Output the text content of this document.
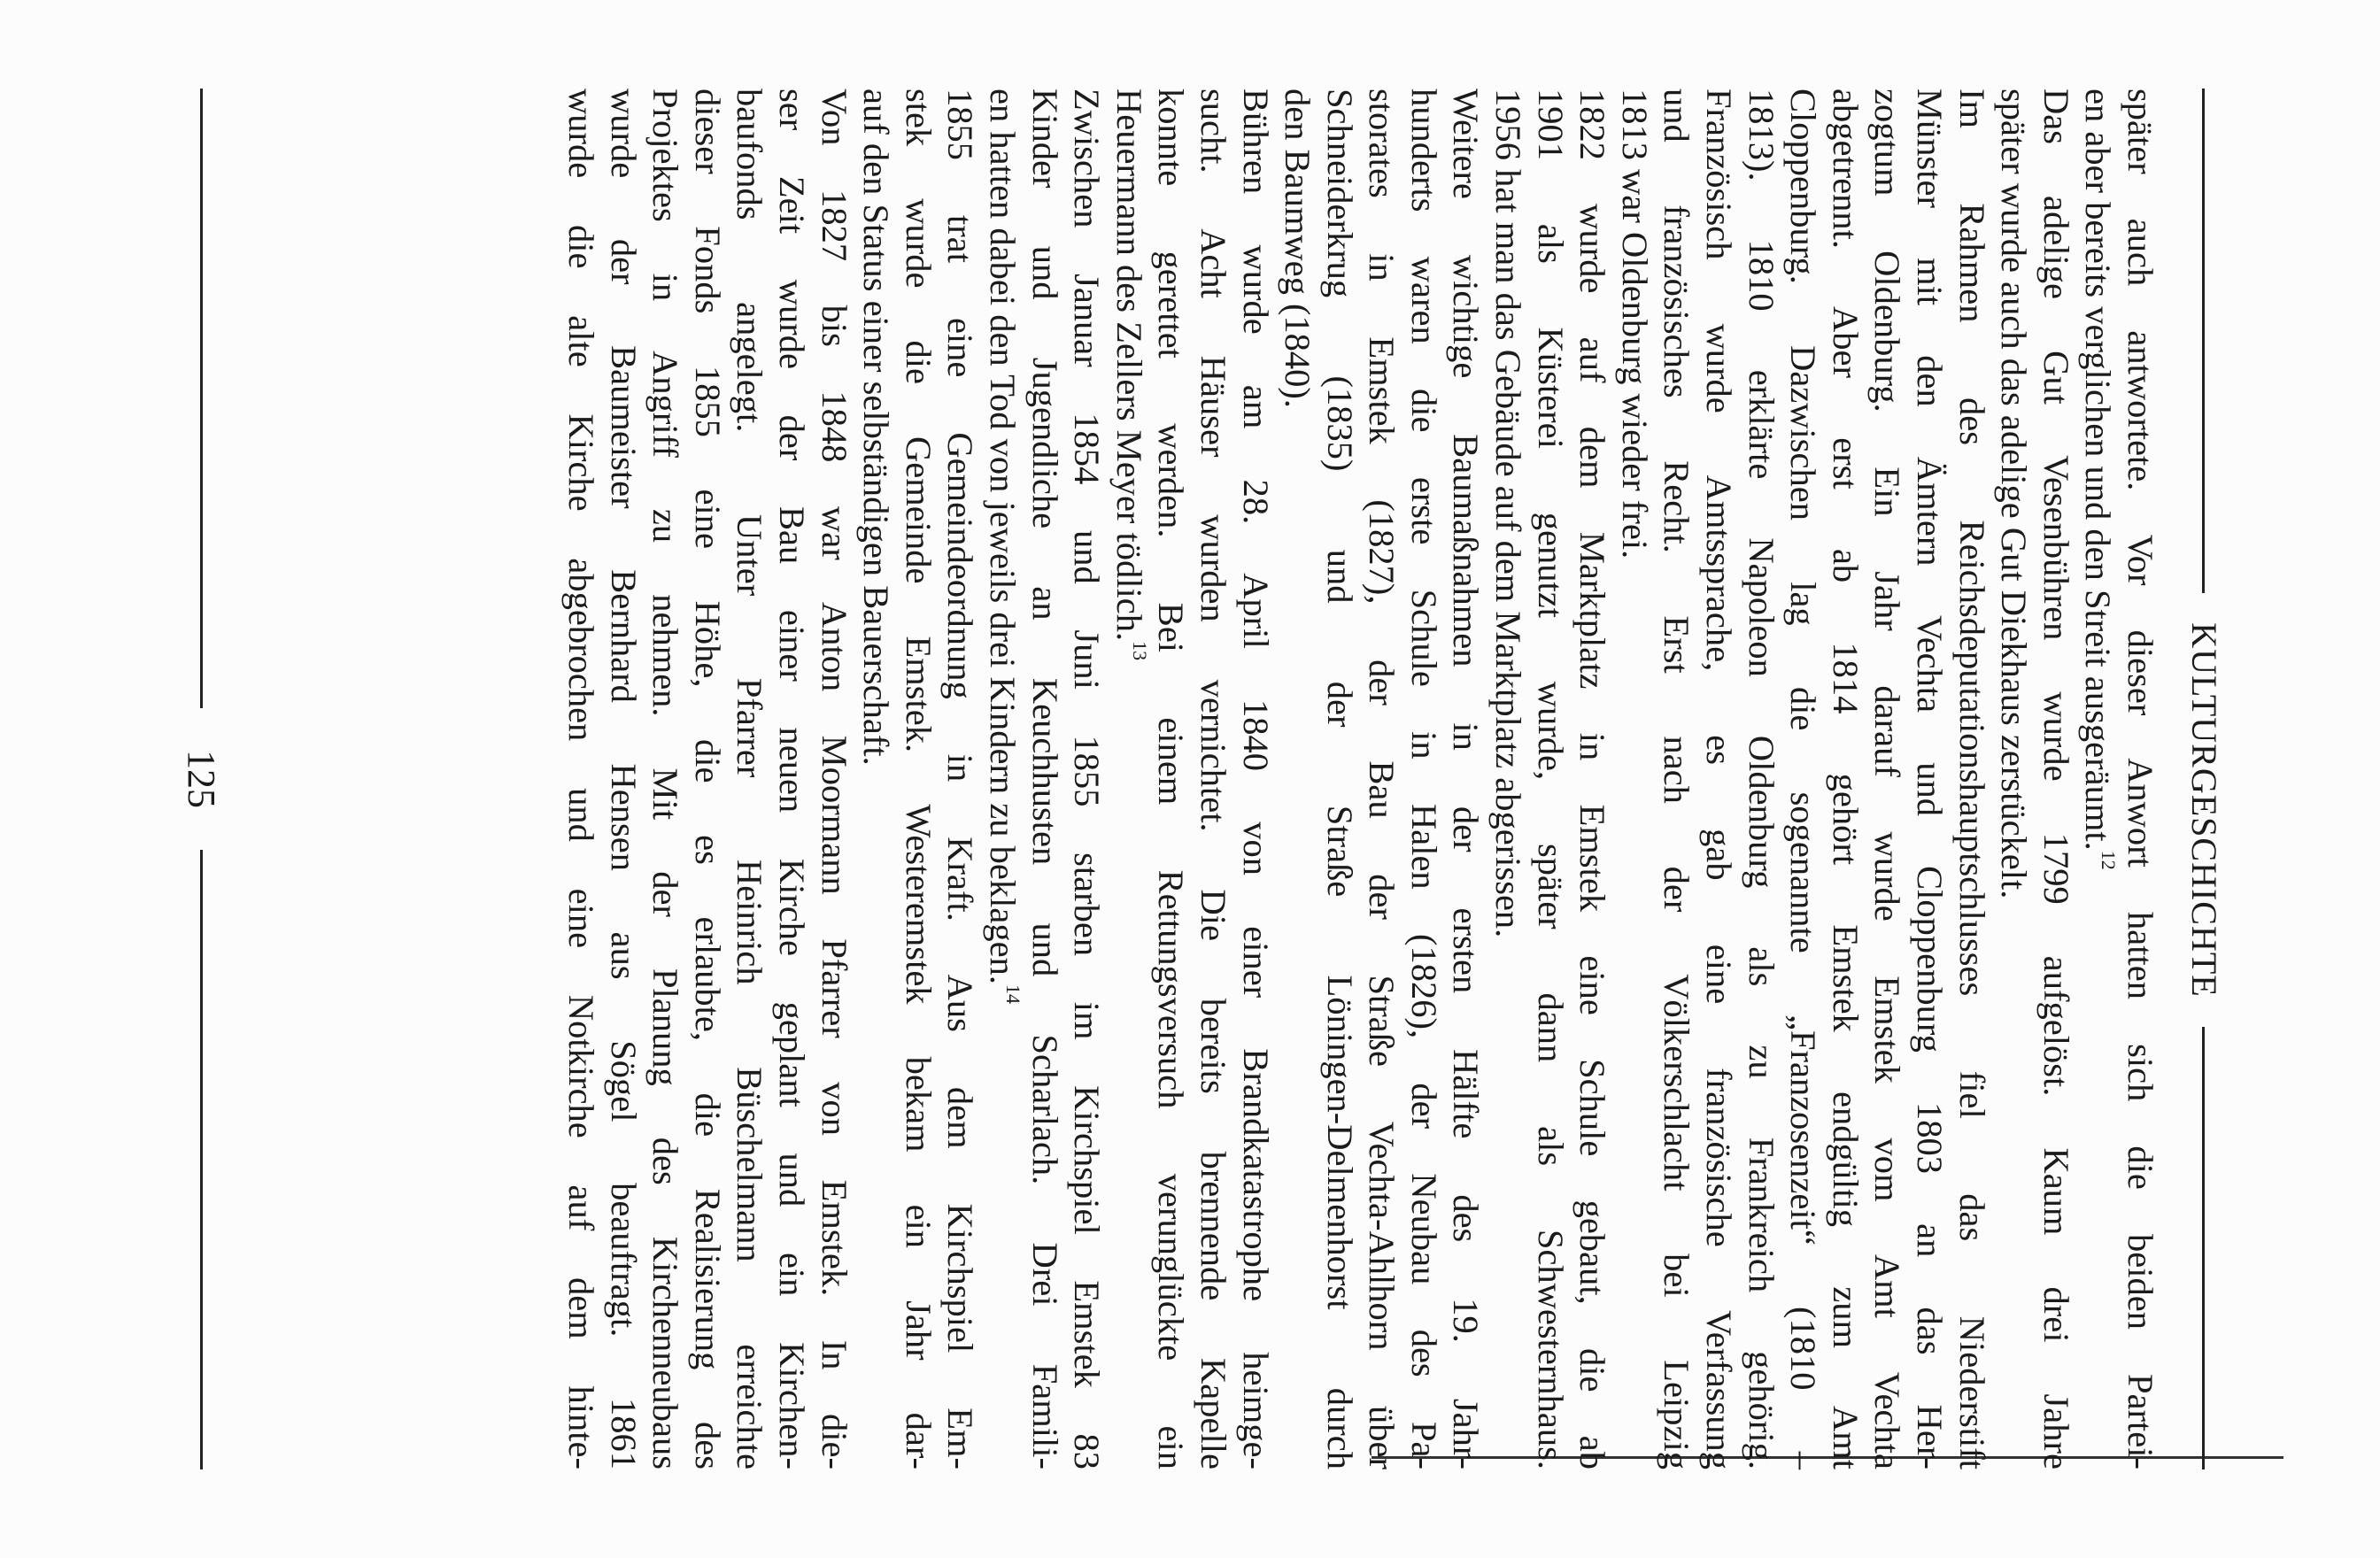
KULTURGESCHICHTE
später auch antwortete. Vor dieser Anwort hatten sich die beiden Partei-
en aber bereits verglichen und den Streit ausgeräumt.$^{12}$
Das adelige Gut Vesenbühren wurde 1799 aufgelöst. Kaum drei Jahre
später wurde auch das adelige Gut Diekhaus zerstückelt.
Im Rahmen des Reichsdeputationshauptschlusses fiel das Niederstift
Münster mit den Ämtern Vechta und Cloppenburg 1803 an das Her-
zogtum Oldenburg. Ein Jahr darauf wurde Emstek vom Amt Vechta
abgetrennt. Aber erst ab 1814 gehört Emstek endgültig zum Amt
Cloppenburg. Dazwischen lag die sogenannte „Franzosenzeit“ (1810 –
1813). 1810 erklärte Napoleon Oldenburg als zu Frankreich gehörig.
Französisch wurde Amtssprache, es gab eine französische Verfassung
und französisches Recht. Erst nach der Völkerschlacht bei Leipzig
1813 war Oldenburg wieder frei.
1822 wurde auf dem Marktplatz in Emstek eine Schule gebaut, die ab
1901 als Küsterei genutzt wurde, später dann als Schwesternhaus.
1956 hat man das Gebäude auf dem Marktplatz abgerissen.
Weitere wichtige Baumaßnahmen in der ersten Hälfte des 19. Jahr-
hunderts waren die erste Schule in Halen (1826), der Neubau des Pa-
storates in Emstek (1827), der Bau der Straße Vechta-Ahlhorn über
Schneiderkrug (1835) und der Straße Löningen-Delmenhorst durch
den Baumweg (1840).
Bühren wurde am 28. April 1840 von einer Brandkatastrophe heimge-
sucht. Acht Häuser wurden vernichtet. Die bereits brennende Kapelle
konnte gerettet werden. Bei einem Rettungsversuch verunglückte ein
Heuermann des Zellers Meyer tödlich.$^{13}$
Zwischen Januar 1854 und Juni 1855 starben im Kirchspiel Emstek 83
Kinder und Jugendliche an Keuchhusten und Scharlach. Drei Famili-
en hatten dabei den Tod von jeweils drei Kindern zu beklagen.$^{14}$
1855 trat eine Gemeindeordnung in Kraft. Aus dem Kirchspiel Em-
stek wurde die Gemeinde Emstek. Westeremstek bekam ein Jahr dar-
auf den Status einer selbständigen Bauerschaft.
Von 1827 bis 1848 war Anton Moormann Pfarrer von Emstek. In die-
ser Zeit wurde der Bau einer neuen Kirche geplant und ein Kirchen-
baufonds angelegt. Unter Pfarrer Heinrich Büschelmann erreichte
dieser Fonds 1855 eine Höhe, die es erlaubte, die Realisierung des
Projektes in Angriff zu nehmen. Mit der Planung des Kirchenneubaus
wurde der Baumeister Bernhard Hensen aus Sögel beauftragt. 1861
wurde die alte Kirche abgebrochen und eine Notkirche auf dem hinte-
125
